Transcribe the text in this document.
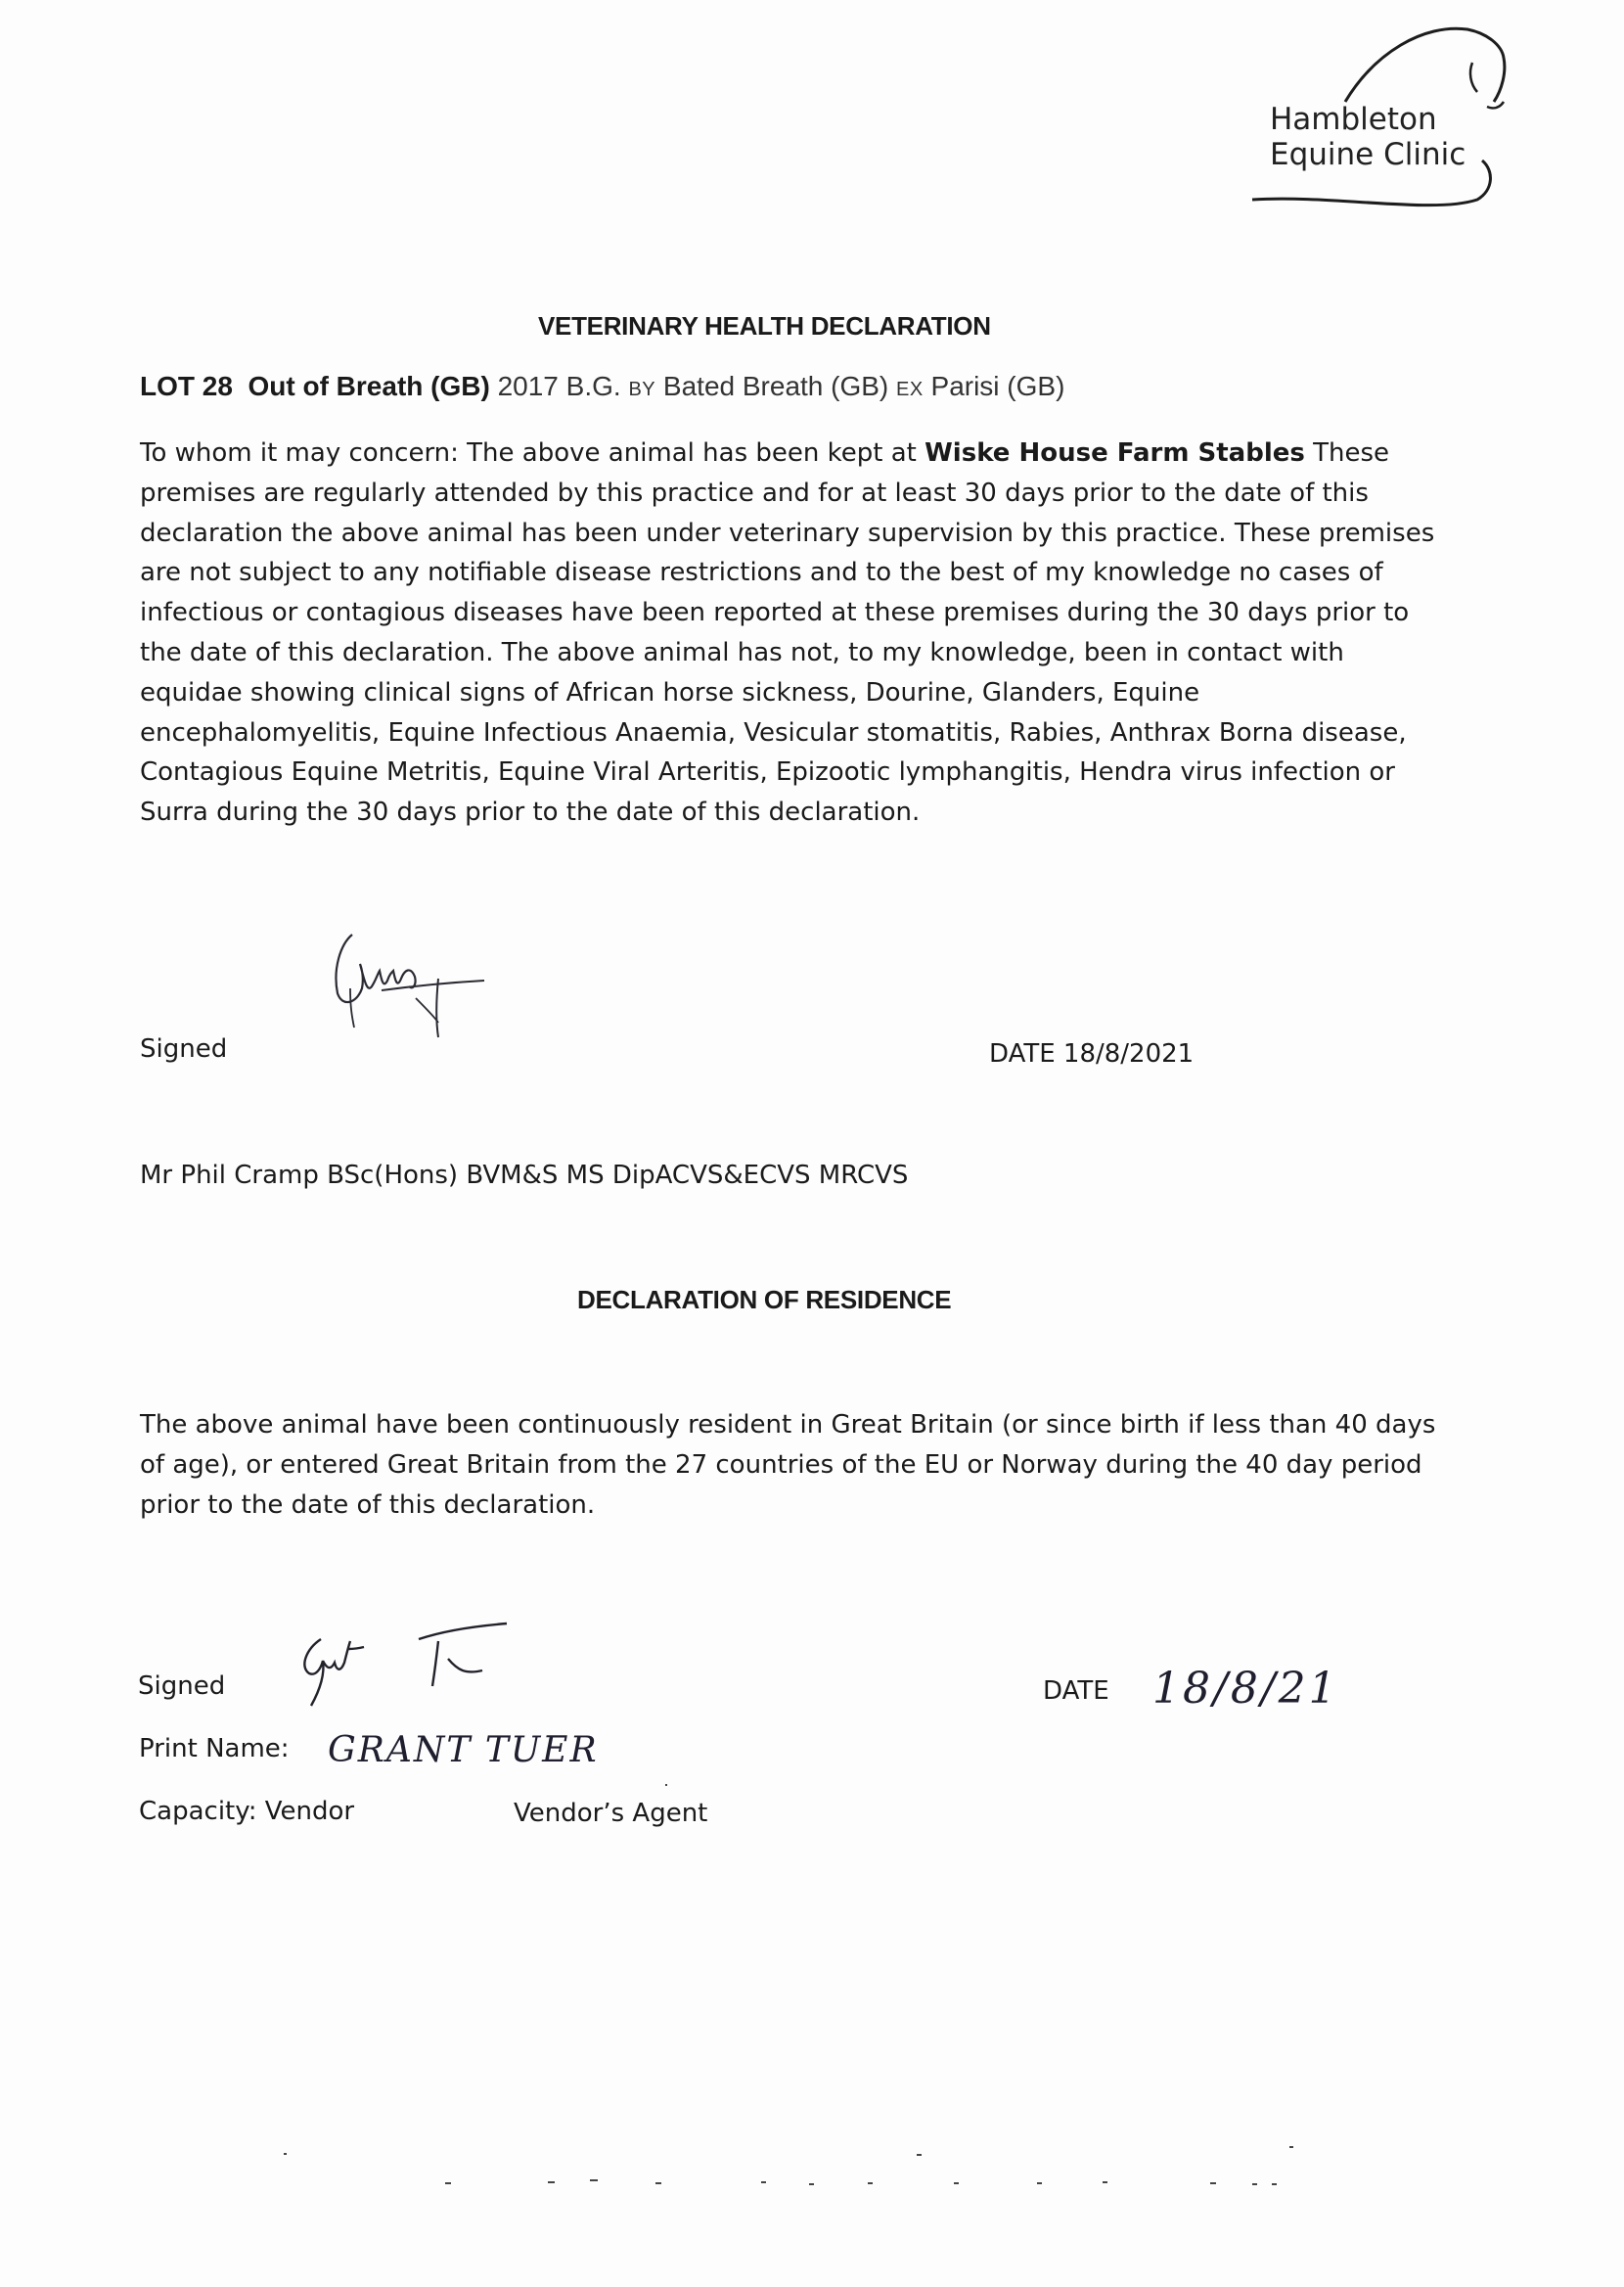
Hambleton
Equine Clinic
VETERINARY HEALTH DECLARATION
LOT 28 Out of Breath (GB) 2017 B.G. BY Bated Breath (GB) EX Parisi (GB)
To whom it may concern: The above animal has been kept at Wiske House Farm Stables These
premises are regularly attended by this practice and for at least 30 days prior to the date of this
declaration the above animal has been under veterinary supervision by this practice. These premises
are not subject to any notifiable disease restrictions and to the best of my knowledge no cases of
infectious or contagious diseases have been reported at these premises during the 30 days prior to
the date of this declaration. The above animal has not, to my knowledge, been in contact with
equidae showing clinical signs of African horse sickness, Dourine, Glanders, Equine
encephalomyelitis, Equine Infectious Anaemia, Vesicular stomatitis, Rabies, Anthrax Borna disease,
Contagious Equine Metritis, Equine Viral Arteritis, Epizootic lymphangitis, Hendra virus infection or
Surra during the 30 days prior to the date of this declaration.
Signed	DATE 18/8/2021
Mr Phil Cramp BSc(Hons) BVM&S MS DipACVS&ECVS MRCVS
DECLARATION OF RESIDENCE
The above animal have been continuously resident in Great Britain (or since birth if less than 40 days
of age), or entered Great Britain from the 27 countries of the EU or Norway during the 40 day period
prior to the date of this declaration.
Signed	DATE 18/8/21
Print Name: GRANT TUER
Capacity: Vendor	Vendor’s Agent
